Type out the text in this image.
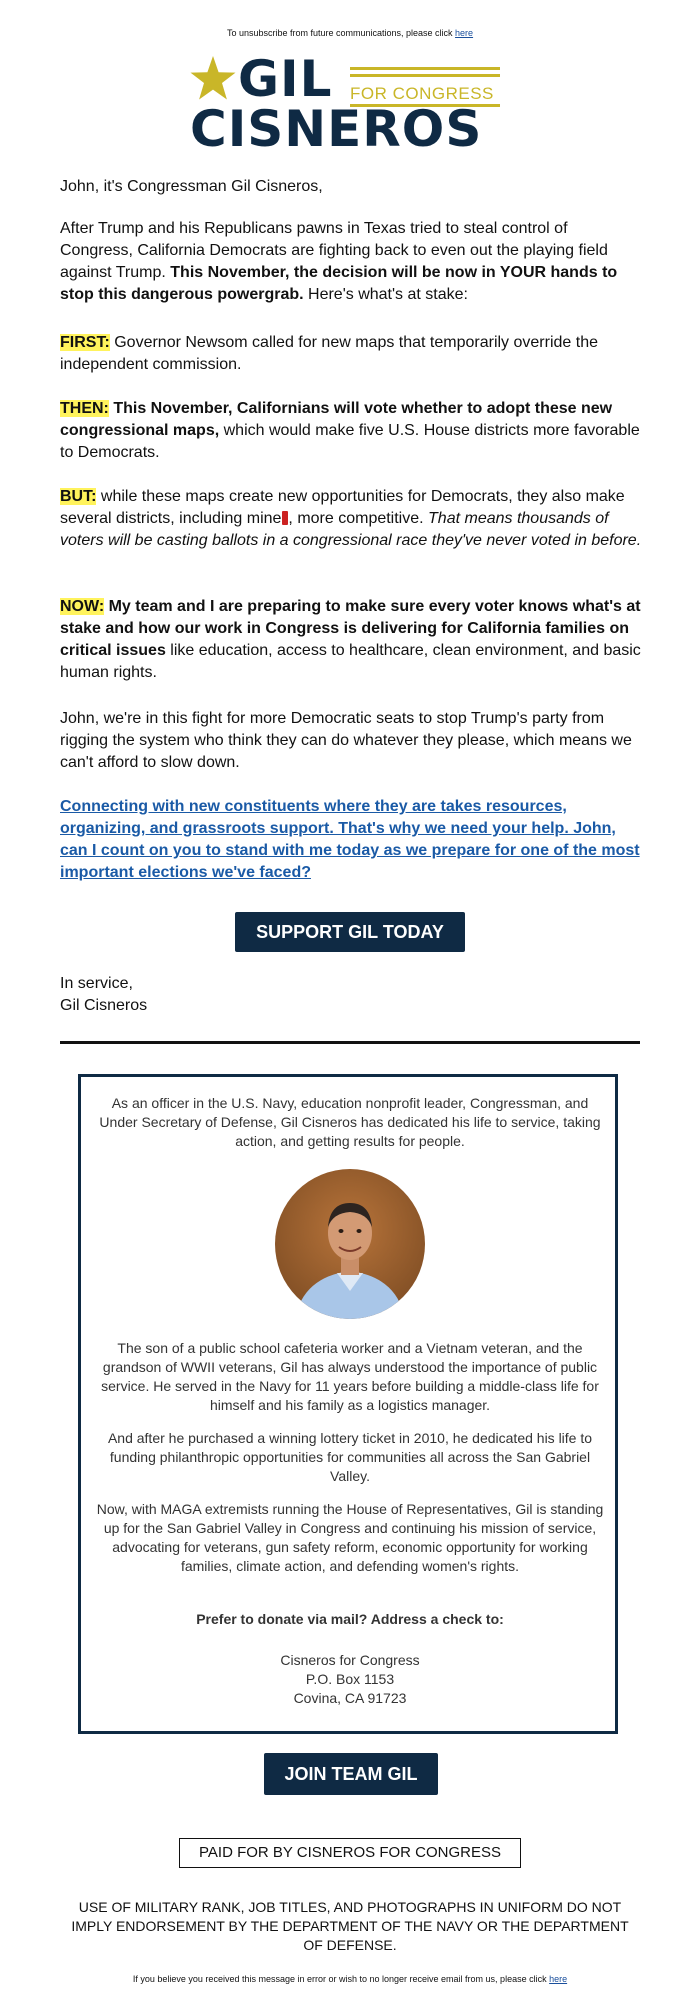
To unsubscribe from future communications, please click here
GIL FOR CONGRESS
CISNEROS

John, it's Congressman Gil Cisneros,

After Trump and his Republicans pawns in Texas tried to steal control of Congress, California Democrats are fighting back to even out the playing field against Trump. This November, the decision will be now in YOUR hands to stop this dangerous powergrab. Here's what's at stake:

FIRST: Governor Newsom called for new maps that temporarily override the independent commission.

THEN: This November, Californians will vote whether to adopt these new congressional maps, which would make five U.S. House districts more favorable to Democrats.

BUT: while these maps create new opportunities for Democrats, they also make several districts, including mine , more competitive. That means thousands of voters will be casting ballots in a congressional race they've never voted in before.

NOW: My team and I are preparing to make sure every voter knows what's at stake and how our work in Congress is delivering for California families on critical issues like education, access to healthcare, clean environment, and basic human rights.

John, we're in this fight for more Democratic seats to stop Trump's party from rigging the system who think they can do whatever they please, which means we can't afford to slow down.

Connecting with new constituents where they are takes resources, organizing, and grassroots support. That's why we need your help. John, can I count on you to stand with me today as we prepare for one of the most important elections we've faced?

SUPPORT GIL TODAY

In service,

Gil Cisneros

As an officer in the U.S. Navy, education nonprofit leader, Congressman, and Under Secretary of Defense, Gil Cisneros has dedicated his life to service, taking action, and getting results for people.

The son of a public school cafeteria worker and a Vietnam veteran, and the grandson of WWII veterans, Gil has always understood the importance of public service. He served in the Navy for 11 years before building a middle-class life for himself and his family as a logistics manager.

And after he purchased a winning lottery ticket in 2010, he dedicated his life to funding philanthropic opportunities for communities all across the San Gabriel Valley.

Now, with MAGA extremists running the House of Representatives, Gil is standing up for the San Gabriel Valley in Congress and continuing his mission of service, advocating for veterans, gun safety reform, economic opportunity for working families, climate action, and defending women's rights.

Prefer to donate via mail? Address a check to:

Cisneros for Congress

P.O. Box 1153

Covina, CA 91723

JOIN TEAM GIL
PAID FOR BY CISNEROS FOR CONGRESS

USE OF MILITARY RANK, JOB TITLES, AND PHOTOGRAPHS IN UNIFORM DO NOT IMPLY ENDORSEMENT BY THE DEPARTMENT OF THE NAVY OR THE DEPARTMENT OF DEFENSE.

If you believe you received this message in error or wish to no longer receive email from us, please click here
